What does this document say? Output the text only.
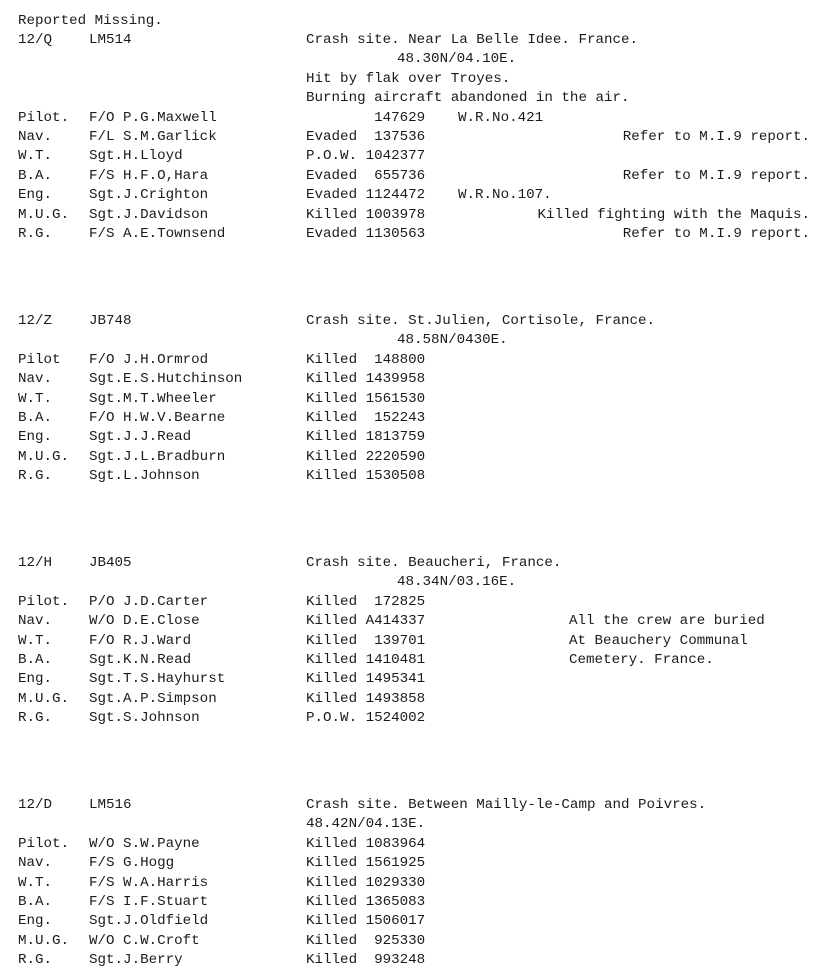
Reported Missing.
12/Q	LM514	Crash site. Near La Belle Idee. France.
48.30N/04.10E.
Hit by flak over Troyes.
Burning aircraft abandoned in the air.
Pilot. F/O P.G.Maxwell	147629 W.R.No.421
Nav.	F/L S.M.Garlick	Evaded  137536	Refer to M.I.9 report.
W.T.	Sgt.H.Lloyd	P.O.W. 1042377
B.A.	F/S H.F.O,Hara	Evaded  655736	Refer to M.I.9 report.
Eng.	Sgt.J.Crighton	Evaded 1124472 W.R.No.107.
M.U.G. Sgt.J.Davidson	Killed 1003978	Killed fighting with the Maquis.
R.G.	F/S A.E.Townsend	Evaded 1130563	Refer to M.I.9 report.
12/Z	JB748	Crash site. St.Julien, Cortisole, France.
48.58N/0430E.
Pilot F/O J.H.Ormrod	Killed  148800
Nav.	Sgt.E.S.Hutchinson	Killed 1439958
W.T.	Sgt.M.T.Wheeler	Killed 1561530
B.A.	F/O H.W.V.Bearne	Killed  152243
Eng.	Sgt.J.J.Read	Killed 1813759
M.U.G. Sgt.J.L.Bradburn	Killed 2220590
R.G.	Sgt.L.Johnson	Killed 1530508
12/H	JB405	Crash site. Beaucheri, France.
48.34N/03.16E.
Pilot. P/O J.D.Carter	Killed  172825
Nav.	W/O D.E.Close	Killed A414337	All the crew are buried
W.T.	F/O R.J.Ward	Killed  139701	At Beauchery Communal
B.A.	Sgt.K.N.Read	Killed 1410481	Cemetery. France.
Eng.	Sgt.T.S.Hayhurst	Killed 1495341
M.U.G. Sgt.A.P.Simpson	Killed 1493858
R.G.	Sgt.S.Johnson	P.O.W. 1524002
12/D	LM516	Crash site. Between Mailly-le-Camp and Poivres.
48.42N/04.13E.
Pilot. W/O S.W.Payne	Killed 1083964
Nav.	F/S G.Hogg	Killed 1561925
W.T.	F/S W.A.Harris	Killed 1029330
B.A.	F/S I.F.Stuart	Killed 1365083
Eng.	Sgt.J.Oldfield	Killed 1506017
M.U.G. W/O C.W.Croft	Killed  925330
R.G.	Sgt.J.Berry	Killed  993248
